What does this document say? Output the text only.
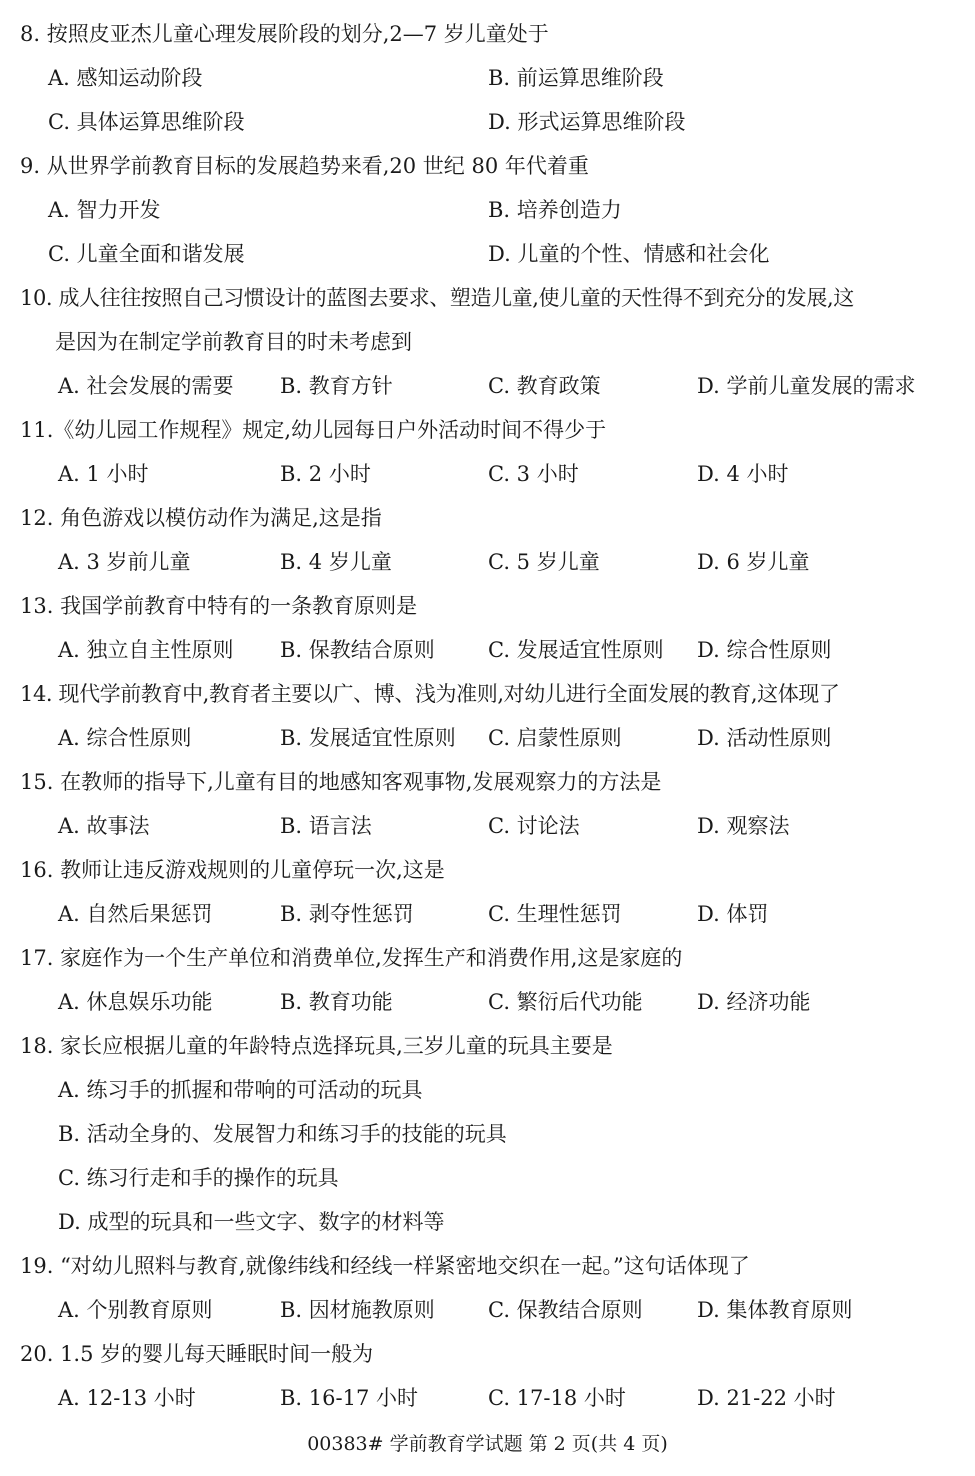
8. 按照皮亚杰儿童心理发展阶段的划分,2—7 岁儿童处于
A. 感知运动阶段	B. 前运算思维阶段
C. 具体运算思维阶段	D. 形式运算思维阶段
9. 从世界学前教育目标的发展趋势来看,20 世纪 80 年代着重
A. 智力开发	B. 培养创造力
C. 儿童全面和谐发展	D. 儿童的个性、情感和社会化
10. 成人往往按照自己习惯设计的蓝图去要求、塑造儿童,使儿童的天性得不到充分的发展,这
是因为在制定学前教育目的时未考虑到
A. 社会发展的需要 B. 教育方针	C. 教育政策	D. 学前儿童发展的需求
11.《幼儿园工作规程》规定,幼儿园每日户外活动时间不得少于
A. 1 小时	B. 2 小时	C. 3 小时	D. 4 小时
12. 角色游戏以模仿动作为满足,这是指
A. 3 岁前儿童	B. 4 岁儿童	C. 5 岁儿童	D. 6 岁儿童
13. 我国学前教育中特有的一条教育原则是
A. 独立自主性原则 B. 保教结合原则	C. 发展适宜性原则 D. 综合性原则
14. 现代学前教育中,教育者主要以广、博、浅为准则,对幼儿进行全面发展的教育,这体现了
A. 综合性原则	B. 发展适宜性原则 C. 启蒙性原则	D. 活动性原则
15. 在教师的指导下,儿童有目的地感知客观事物,发展观察力的方法是
A. 故事法	B. 语言法	C. 讨论法	D. 观察法
16. 教师让违反游戏规则的儿童停玩一次,这是
A. 自然后果惩罚	B. 剥夺性惩罚	C. 生理性惩罚	D. 体罚
17. 家庭作为一个生产单位和消费单位,发挥生产和消费作用,这是家庭的
A. 休息娱乐功能	B. 教育功能	C. 繁衍后代功能	D. 经济功能
18. 家长应根据儿童的年龄特点选择玩具,三岁儿童的玩具主要是
A. 练习手的抓握和带响的可活动的玩具
B. 活动全身的、发展智力和练习手的技能的玩具
C. 练习行走和手的操作的玩具
D. 成型的玩具和一些文字、数字的材料等
19. “对幼儿照料与教育,就像纬线和经线一样紧密地交织在一起。”这句话体现了
A. 个别教育原则	B. 因材施教原则	C. 保教结合原则	D. 集体教育原则
20. 1.5 岁的婴儿每天睡眠时间一般为
A. 12-13 小时	B. 16-17 小时	C. 17-18 小时	D. 21-22 小时
00383# 学前教育学试题 第 2 页(共 4 页)
